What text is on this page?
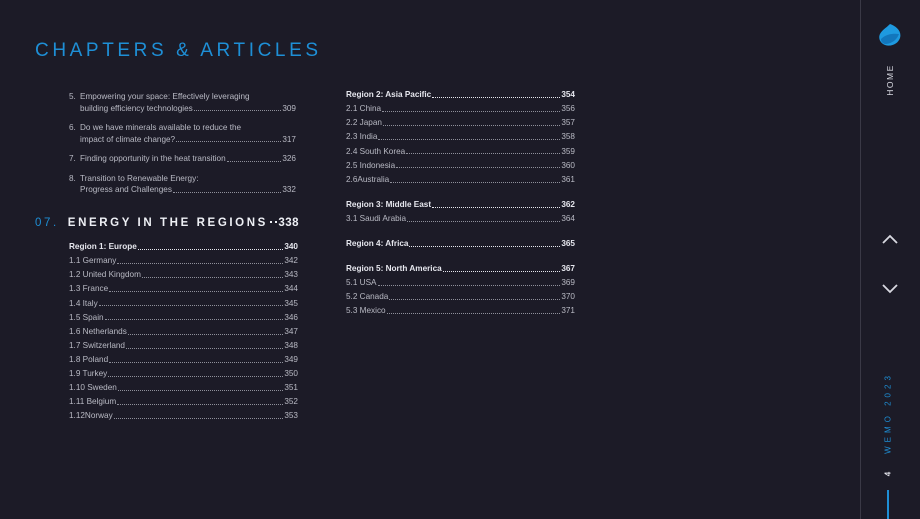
CHAPTERS & ARTICLES
5. Empowering your space: Effectively leveraging
building efficiency technologies	309
6. Do we have minerals available to reduce the
impact of climate change?	317
7. Finding opportunity in the heat transition	326
8. Transition to Renewable Energy:
Progress and Challenges	332
07. ENERGY IN THE REGIONS 338
Region 1: Europe	340
1.1 Germany	342
1.2 United Kingdom	343
1.3 France	344
1.4 Italy	345
1.5 Spain	346
1.6 Netherlands	347
1.7 Switzerland	348
1.8 Poland	349
1.9 Turkey	350
1.10 Sweden	351
1.11 Belgium	352
1.12Norway	353
Region 2: Asia Pacific	354
2.1 China	356
2.2 Japan	357
2.3 India	358
2.4 South Korea	359
2.5 Indonesia	360
2.6Australia	361
Region 3: Middle East	362
3.1 Saudi Arabia	364
Region 4: Africa	365
Region 5: North America	367
5.1 USA	369
5.2 Canada	370
5.3 Mexico	371
HOME
WEMO 2023
4
